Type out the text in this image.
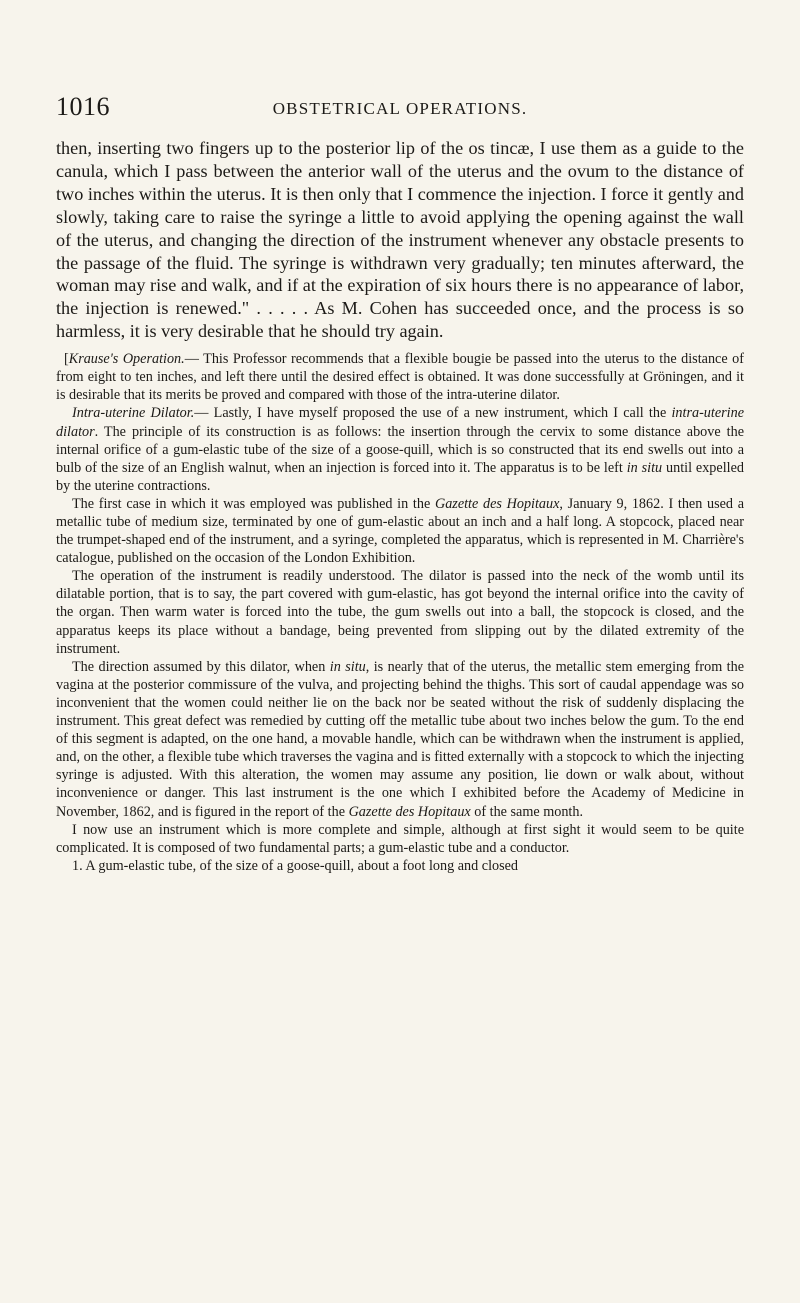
1016	OBSTETRICAL OPERATIONS.

then, inserting two fingers up to the posterior lip of the os tincæ, I use them as a guide to the canula, which I pass between the anterior wall of the uterus and the ovum to the distance of two inches within the uterus. It is then only that I commence the injection. I force it gently and slowly, taking care to raise the syringe a little to avoid applying the opening against the wall of the uterus, and changing the direction of the instrument whenever any obstacle presents to the passage of the fluid. The syringe is withdrawn very gradually; ten minutes afterward, the woman may rise and walk, and if at the expiration of six hours there is no appearance of labor, the injection is renewed." . . . . . As M. Cohen has succeeded once, and the process is so harmless, it is very desirable that he should try again.

[Krause's Operation.— This Professor recommends that a flexible bougie be passed into the uterus to the distance of from eight to ten inches, and left there until the desired effect is obtained. It was done successfully at Gröningen, and it is desirable that its merits be proved and compared with those of the intra-uterine dilator.

Intra-uterine Dilator.— Lastly, I have myself proposed the use of a new instrument, which I call the intra-uterine dilator. The principle of its construction is as follows: the insertion through the cervix to some distance above the internal orifice of a gum-elastic tube of the size of a goose-quill, which is so constructed that its end swells out into a bulb of the size of an English walnut, when an injection is forced into it. The apparatus is to be left in situ until expelled by the uterine contractions.

The first case in which it was employed was published in the Gazette des Hopitaux, January 9, 1862. I then used a metallic tube of medium size, terminated by one of gum-elastic about an inch and a half long. A stopcock, placed near the trumpet-shaped end of the instrument, and a syringe, completed the apparatus, which is represented in M. Charrière's catalogue, published on the occasion of the London Exhibition.

The operation of the instrument is readily understood. The dilator is passed into the neck of the womb until its dilatable portion, that is to say, the part covered with gum-elastic, has got beyond the internal orifice into the cavity of the organ. Then warm water is forced into the tube, the gum swells out into a ball, the stopcock is closed, and the apparatus keeps its place without a bandage, being prevented from slipping out by the dilated extremity of the instrument.

The direction assumed by this dilator, when in situ, is nearly that of the uterus, the metallic stem emerging from the vagina at the posterior commissure of the vulva, and projecting behind the thighs. This sort of caudal appendage was so inconvenient that the women could neither lie on the back nor be seated without the risk of suddenly displacing the instrument. This great defect was remedied by cutting off the metallic tube about two inches below the gum. To the end of this segment is adapted, on the one hand, a movable handle, which can be withdrawn when the instrument is applied, and, on the other, a flexible tube which traverses the vagina and is fitted externally with a stopcock to which the injecting syringe is adjusted. With this alteration, the women may assume any position, lie down or walk about, without inconvenience or danger. This last instrument is the one which I exhibited before the Academy of Medicine in November, 1862, and is figured in the report of the Gazette des Hopitaux of the same month.

I now use an instrument which is more complete and simple, although at first sight it would seem to be quite complicated. It is composed of two fundamental parts; a gum-elastic tube and a conductor.

1. A gum-elastic tube, of the size of a goose-quill, about a foot long and closed
